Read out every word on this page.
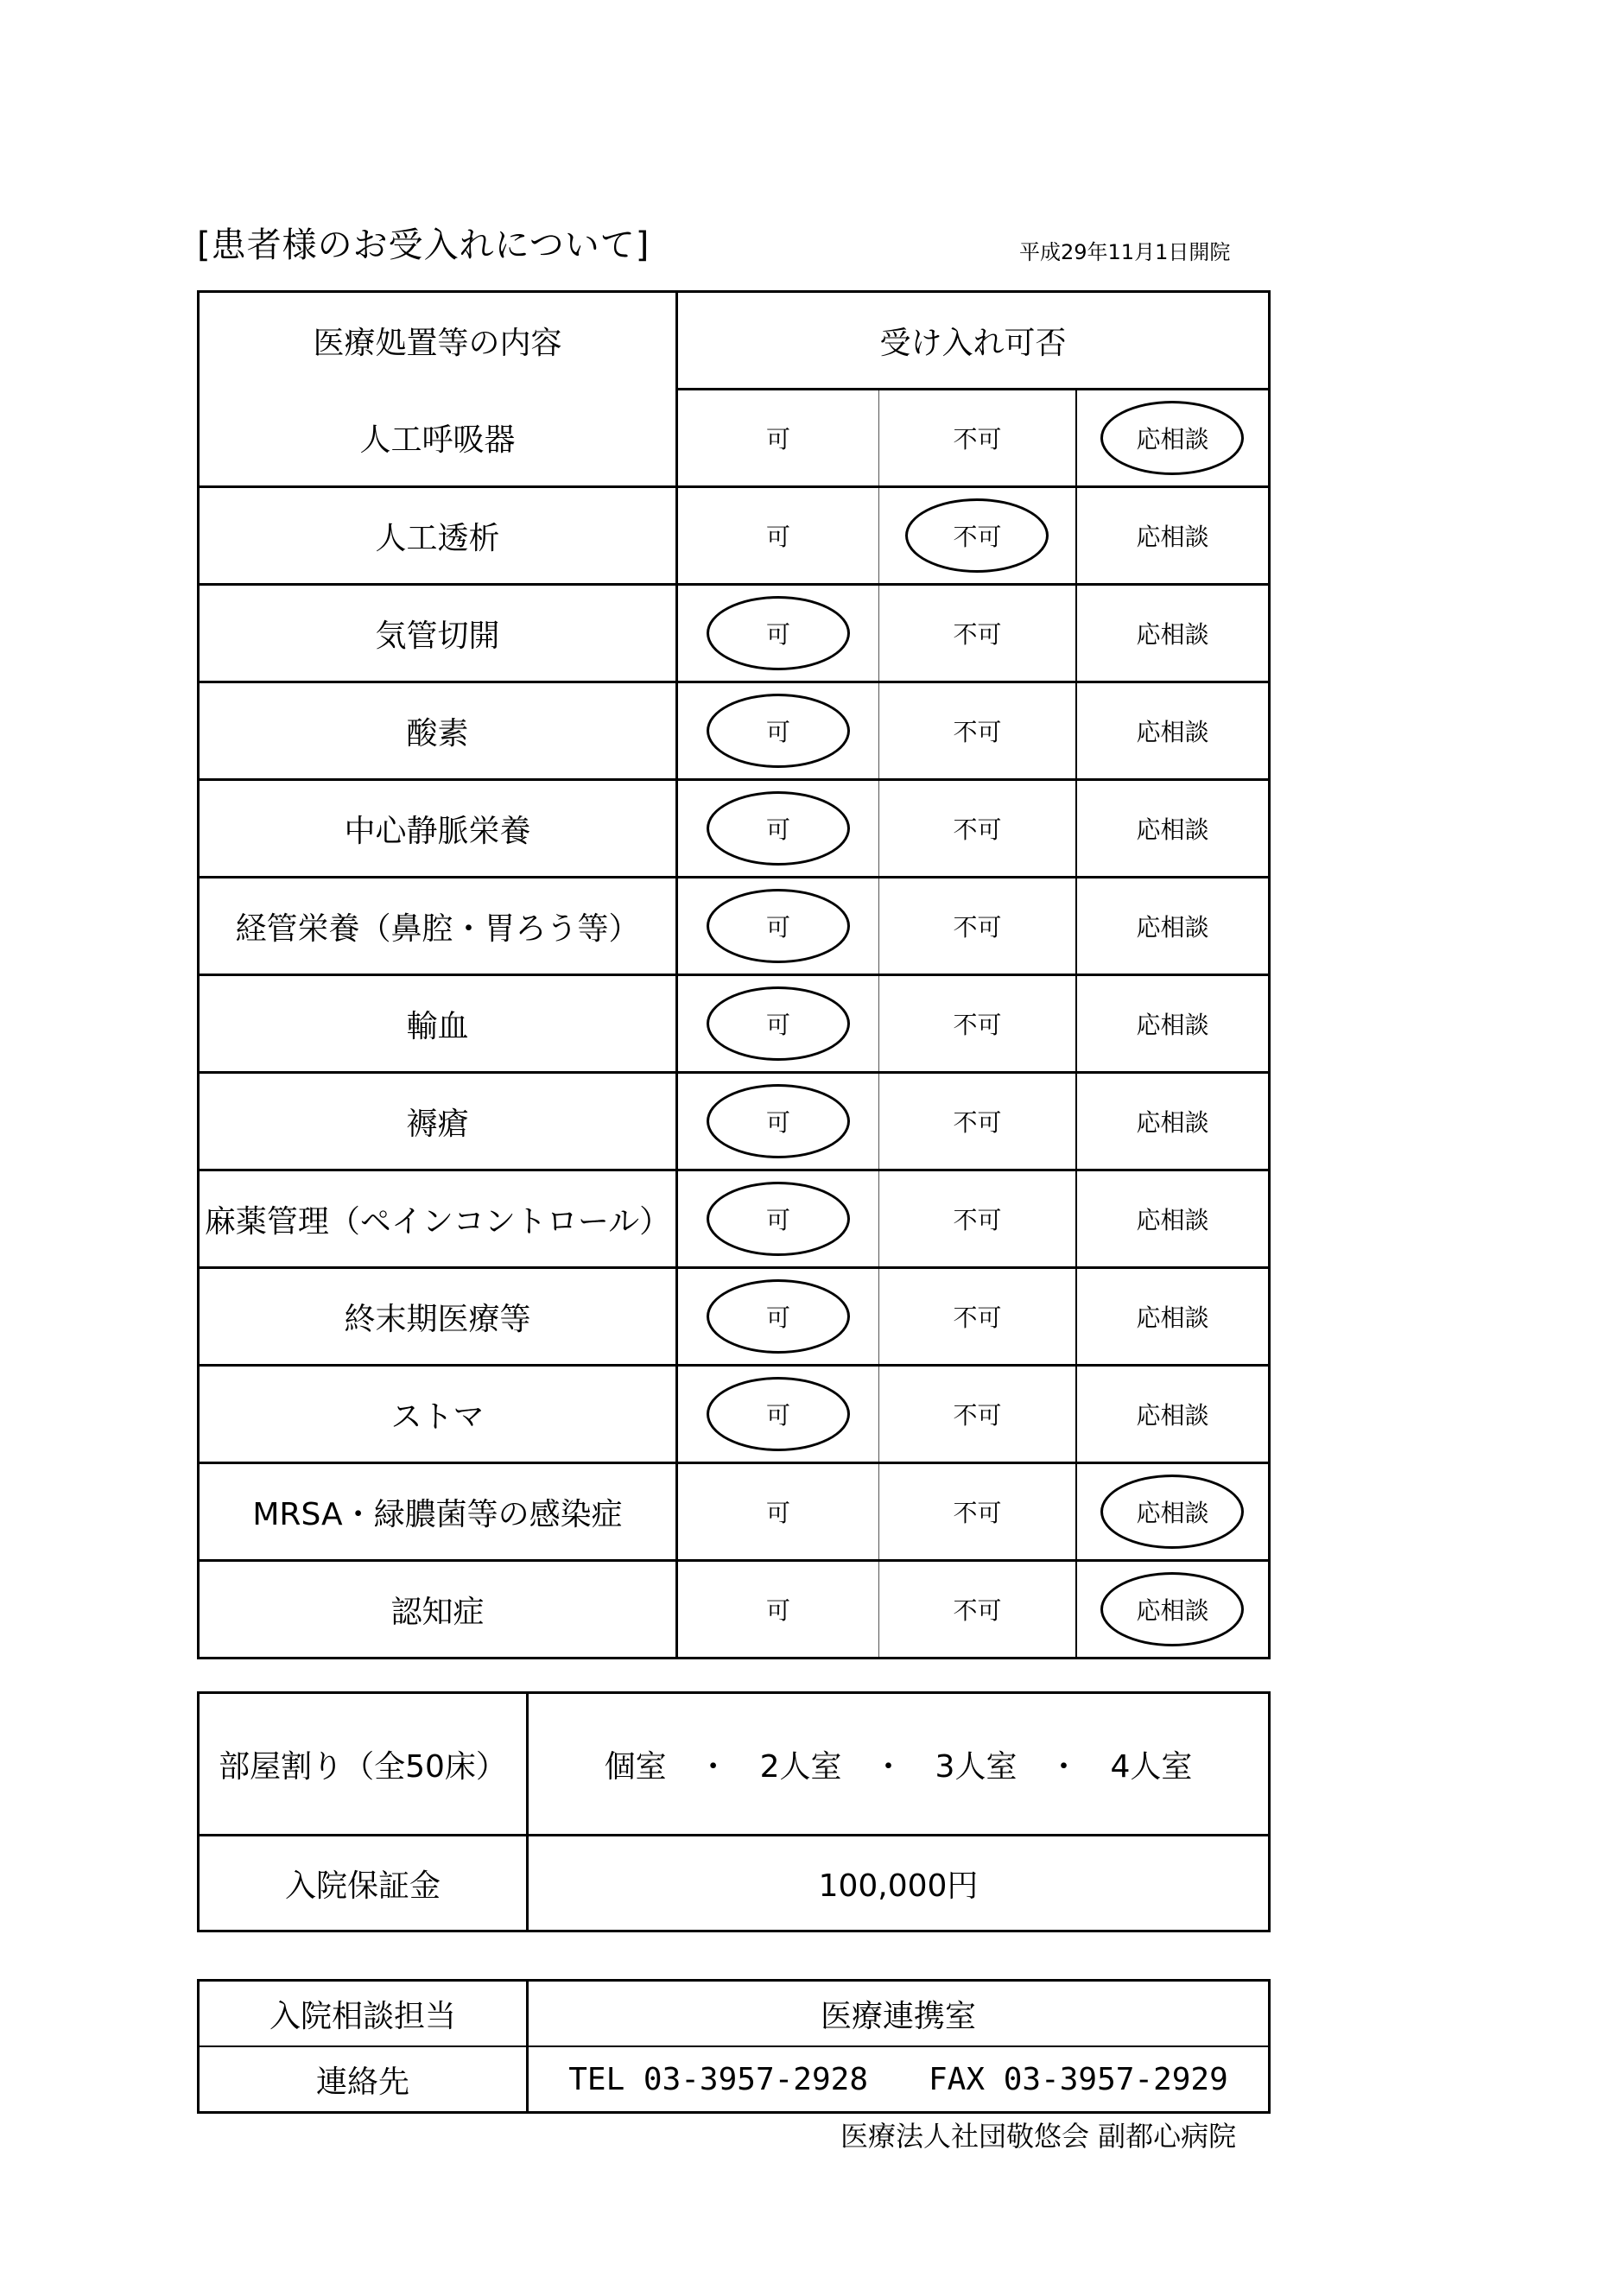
[患者様のお受入れについて]	平成29年11月1日開院
医療処置等の内容	受け入れ可否		
人工呼吸器	可	不可	応相談
人工透析	可	不可	応相談
気管切開	可	不可	応相談
酸素	可	不可	応相談
中心静脈栄養	可	不可	応相談
経管栄養（鼻腔・胃ろう等）	可	不可	応相談
輸血	可	不可	応相談
褥瘡	可	不可	応相談
麻薬管理（ペインコントロール）	可	不可	応相談
終末期医療等	可	不可	応相談
ストマ	可	不可	応相談
MRSA・緑膿菌等の感染症	可	不可	応相談
認知症	可	不可	応相談
部屋割り（全50床）	個室　・　2人室　・　3人室　・　4人室
入院保証金	100,000円
入院相談担当	医療連携室
連絡先	TEL 03-3957-2928 FAX 03-3957-2929
医療法人社団敬悠会 副都心病院
